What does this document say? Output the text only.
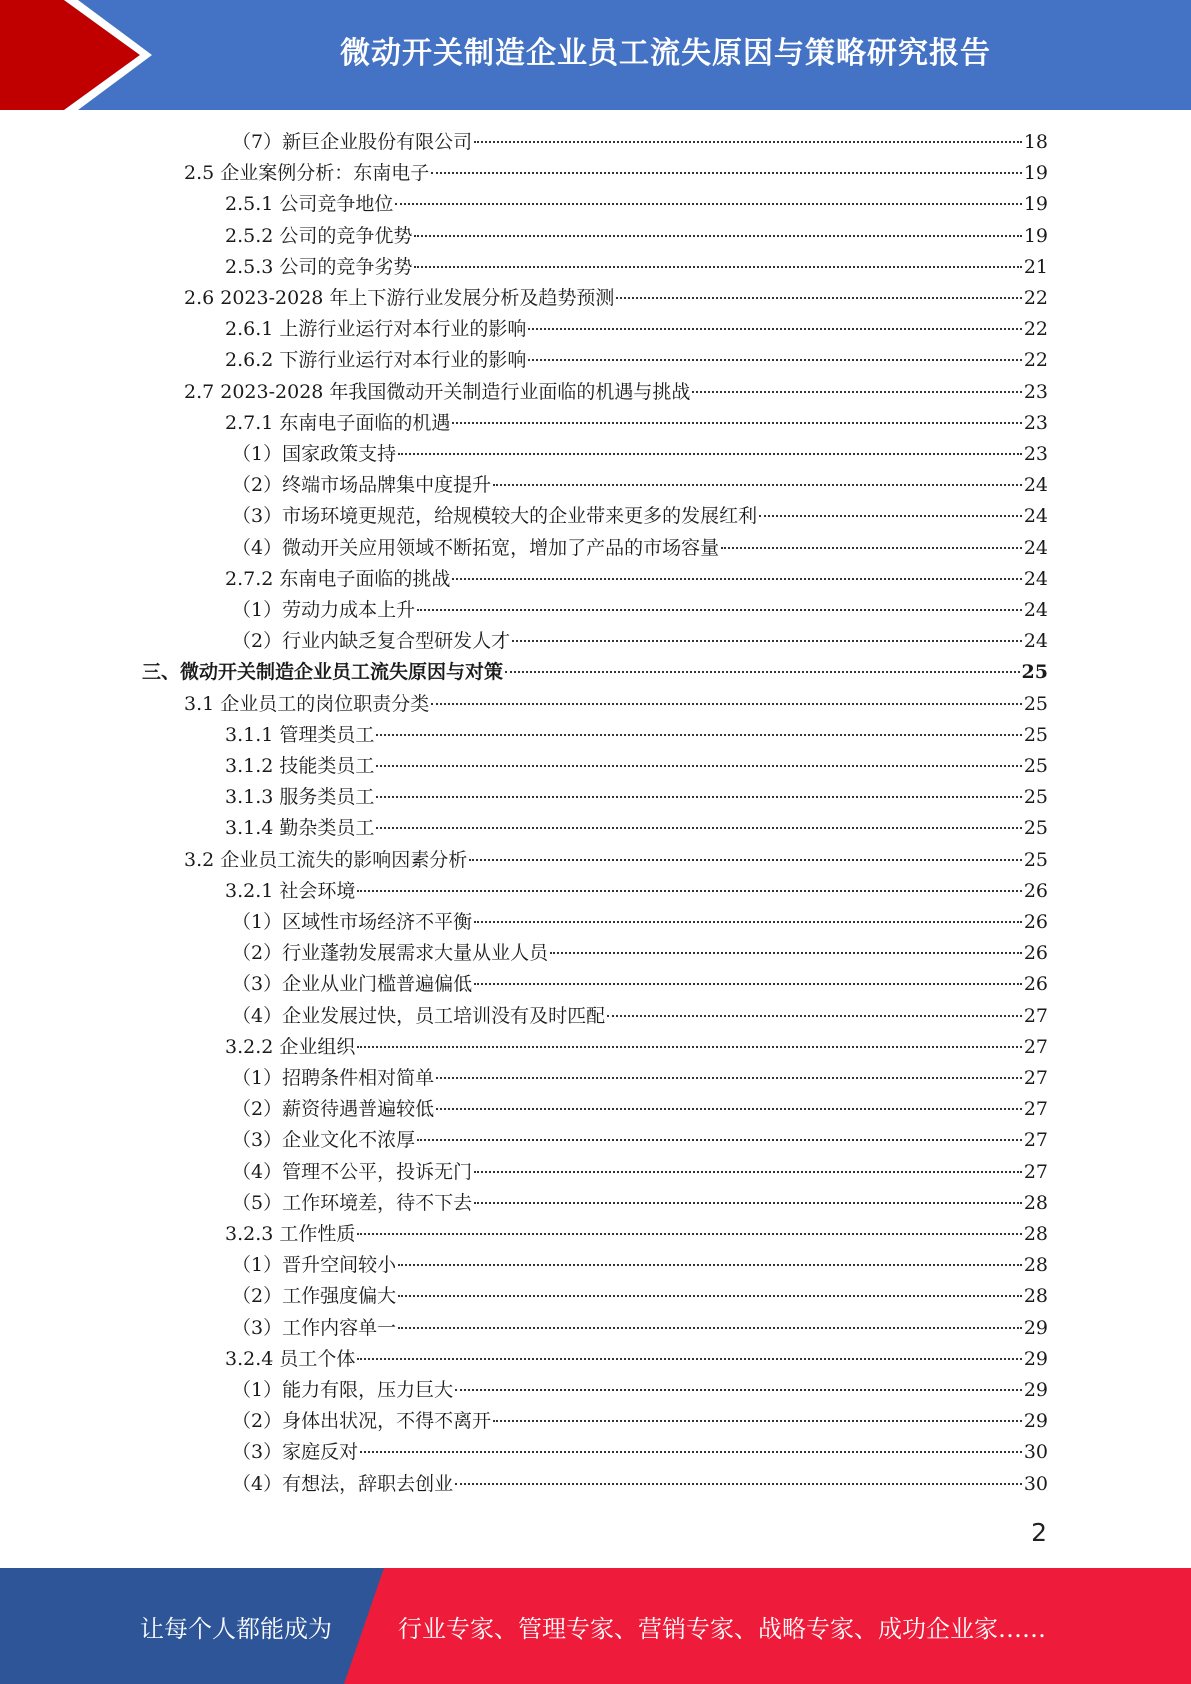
微动开关制造企业员工流失原因与策略研究报告
（7）新巨企业股份有限公司	18
2.5 企业案例分析：东南电子	19
2.5.1 公司竞争地位	19
2.5.2 公司的竞争优势	19
2.5.3 公司的竞争劣势	21
2.6 2023-2028 年上下游行业发展分析及趋势预测	22
2.6.1 上游行业运行对本行业的影响	22
2.6.2 下游行业运行对本行业的影响	22
2.7 2023-2028 年我国微动开关制造行业面临的机遇与挑战	23
2.7.1 东南电子面临的机遇	23
（1）国家政策支持	23
（2）终端市场品牌集中度提升	24
（3）市场环境更规范，给规模较大的企业带来更多的发展红利	24
（4）微动开关应用领域不断拓宽，增加了产品的市场容量	24
2.7.2 东南电子面临的挑战	24
（1）劳动力成本上升	24
（2）行业内缺乏复合型研发人才	24
三、微动开关制造企业员工流失原因与对策	25
3.1 企业员工的岗位职责分类	25
3.1.1 管理类员工	25
3.1.2 技能类员工	25
3.1.3 服务类员工	25
3.1.4 勤杂类员工	25
3.2 企业员工流失的影响因素分析	25
3.2.1 社会环境	26
（1）区域性市场经济不平衡	26
（2）行业蓬勃发展需求大量从业人员	26
（3）企业从业门槛普遍偏低	26
（4）企业发展过快，员工培训没有及时匹配	27
3.2.2 企业组织	27
（1）招聘条件相对简单	27
（2）薪资待遇普遍较低	27
（3）企业文化不浓厚	27
（4）管理不公平，投诉无门	27
（5）工作环境差，待不下去	28
3.2.3 工作性质	28
（1）晋升空间较小	28
（2）工作强度偏大	28
（3）工作内容单一	29
3.2.4 员工个体	29
（1）能力有限，压力巨大	29
（2）身体出状况，不得不离开	29
（3）家庭反对	30
（4）有想法，辞职去创业	30
2
让每个人都能成为	行业专家、管理专家、营销专家、战略专家、成功企业家……
